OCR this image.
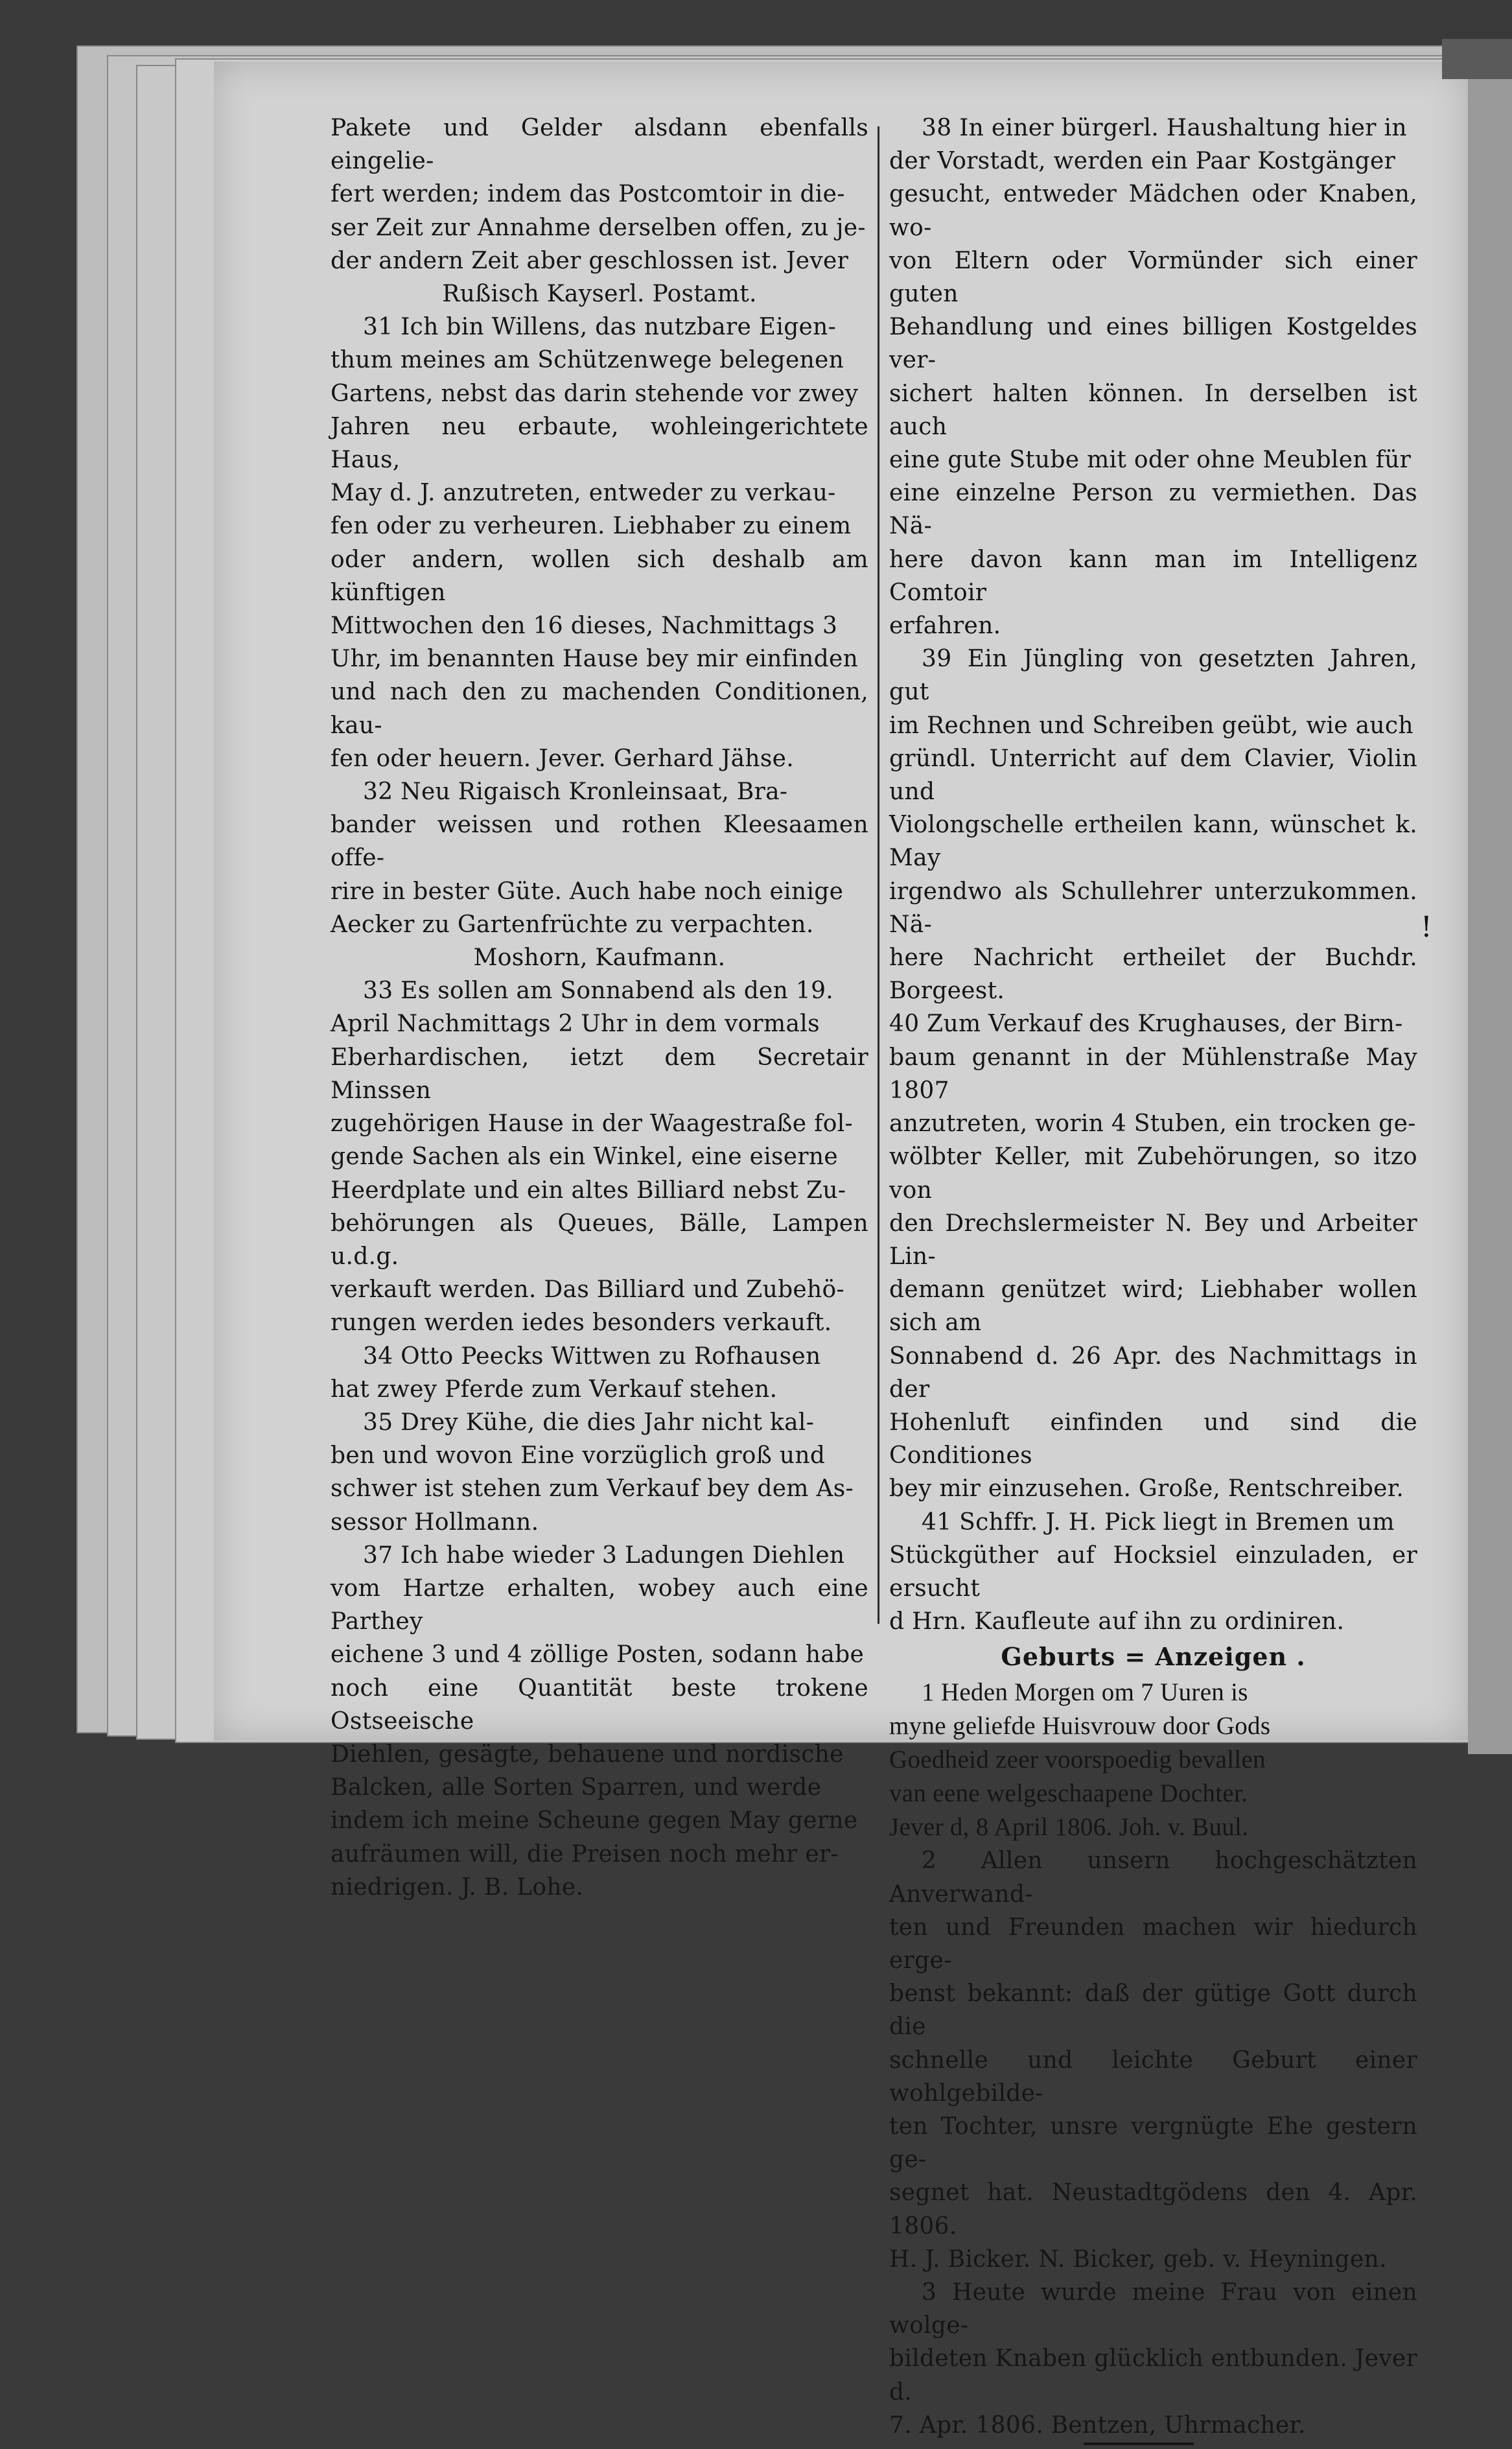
Pakete und Gelder alsdann ebenfalls eingelie-
fert werden; indem das Postcomtoir in die-
ser Zeit zur Annahme derselben offen, zu je-
der andern Zeit aber geschlossen ist. Jever
Rußisch Kayserl. Postamt.
31 Ich bin Willens, das nutzbare Eigen-
thum meines am Schützenwege belegenen
Gartens, nebst das darin stehende vor zwey
Jahren neu erbaute, wohleingerichtete Haus,
May d. J. anzutreten, entweder zu verkau-
fen oder zu verheuren. Liebhaber zu einem
oder andern, wollen sich deshalb am künftigen
Mittwochen den 16 dieses, Nachmittags 3
Uhr, im benannten Hause bey mir einfinden
und nach den zu machenden Conditionen, kau-
fen oder heuern. Jever. Gerhard Jähse.
32 Neu Rigaisch Kronleinsaat, Bra-
bander weissen und rothen Kleesaamen offe-
rire in bester Güte. Auch habe noch einige
Aecker zu Gartenfrüchte zu verpachten.
Moshorn, Kaufmann.
33 Es sollen am Sonnabend als den 19.
April Nachmittags 2 Uhr in dem vormals
Eberhardischen, ietzt dem Secretair Minssen
zugehörigen Hause in der Waagestraße fol-
gende Sachen als ein Winkel, eine eiserne
Heerdplate und ein altes Billiard nebst Zu-
behörungen als Queues, Bälle, Lampen u.d.g.
verkauft werden. Das Billiard und Zubehö-
rungen werden iedes besonders verkauft.
34 Otto Peecks Wittwen zu Rofhausen
hat zwey Pferde zum Verkauf stehen.
35 Drey Kühe, die dies Jahr nicht kal-
ben und wovon Eine vorzüglich groß und
schwer ist stehen zum Verkauf bey dem As-
sessor Hollmann.
37 Ich habe wieder 3 Ladungen Diehlen
vom Hartze erhalten, wobey auch eine Parthey
eichene 3 und 4 zöllige Posten, sodann habe
noch eine Quantität beste trokene Ostseeische
Diehlen, gesägte, behauene und nordische
Balcken, alle Sorten Sparren, und werde
indem ich meine Scheune gegen May gerne
aufräumen will, die Preisen noch mehr er-
niedrigen. J. B. Lohe.
38 In einer bürgerl. Haushaltung hier in
der Vorstadt, werden ein Paar Kostgänger
gesucht, entweder Mädchen oder Knaben, wo-
von Eltern oder Vormünder sich einer guten
Behandlung und eines billigen Kostgeldes ver-
sichert halten können. In derselben ist auch
eine gute Stube mit oder ohne Meublen für
eine einzelne Person zu vermiethen. Das Nä-
here davon kann man im Intelligenz Comtoir
erfahren.
39 Ein Jüngling von gesetzten Jahren, gut
im Rechnen und Schreiben geübt, wie auch
gründl. Unterricht auf dem Clavier, Violin und
Violongschelle ertheilen kann, wünschet k. May
irgendwo als Schullehrer unterzukommen. Nä-
here Nachricht ertheilet der Buchdr. Borgeest.
40 Zum Verkauf des Krughauses, der Birn-
baum genannt in der Mühlenstraße May 1807
anzutreten, worin 4 Stuben, ein trocken ge-
wölbter Keller, mit Zubehörungen, so itzo von
den Drechslermeister N. Bey und Arbeiter Lin-
demann genützet wird; Liebhaber wollen sich am
Sonnabend d. 26 Apr. des Nachmittags in der
Hohenluft einfinden und sind die Conditiones
bey mir einzusehen. Große, Rentschreiber.
41 Schffr. J. H. Pick liegt in Bremen um
Stückgüther auf Hocksiel einzuladen, er ersucht
d Hrn. Kaufleute auf ihn zu ordiniren.
Geburts = Anzeigen .
1 Heden Morgen om 7 Uuren is
myne geliefde Huisvrouw door Gods
Goedheid zeer voorspoedig bevallen
van eene welgeschaapene Dochter.
Jever d, 8 April 1806. Joh. v. Buul.
2 Allen unsern hochgeschätzten Anverwand-
ten und Freunden machen wir hiedurch erge-
benst bekannt: daß der gütige Gott durch die
schnelle und leichte Geburt einer wohlgebilde-
ten Tochter, unsre vergnügte Ehe gestern ge-
segnet hat. Neustadtgödens den 4. Apr. 1806.
H. J. Bicker. N. Bicker, geb. v. Heyningen.
3 Heute wurde meine Frau von einen wolge-
bildeten Knaben glücklich entbunden. Jever d.
7. Apr. 1806. Bentzen, Uhrmacher.
!
